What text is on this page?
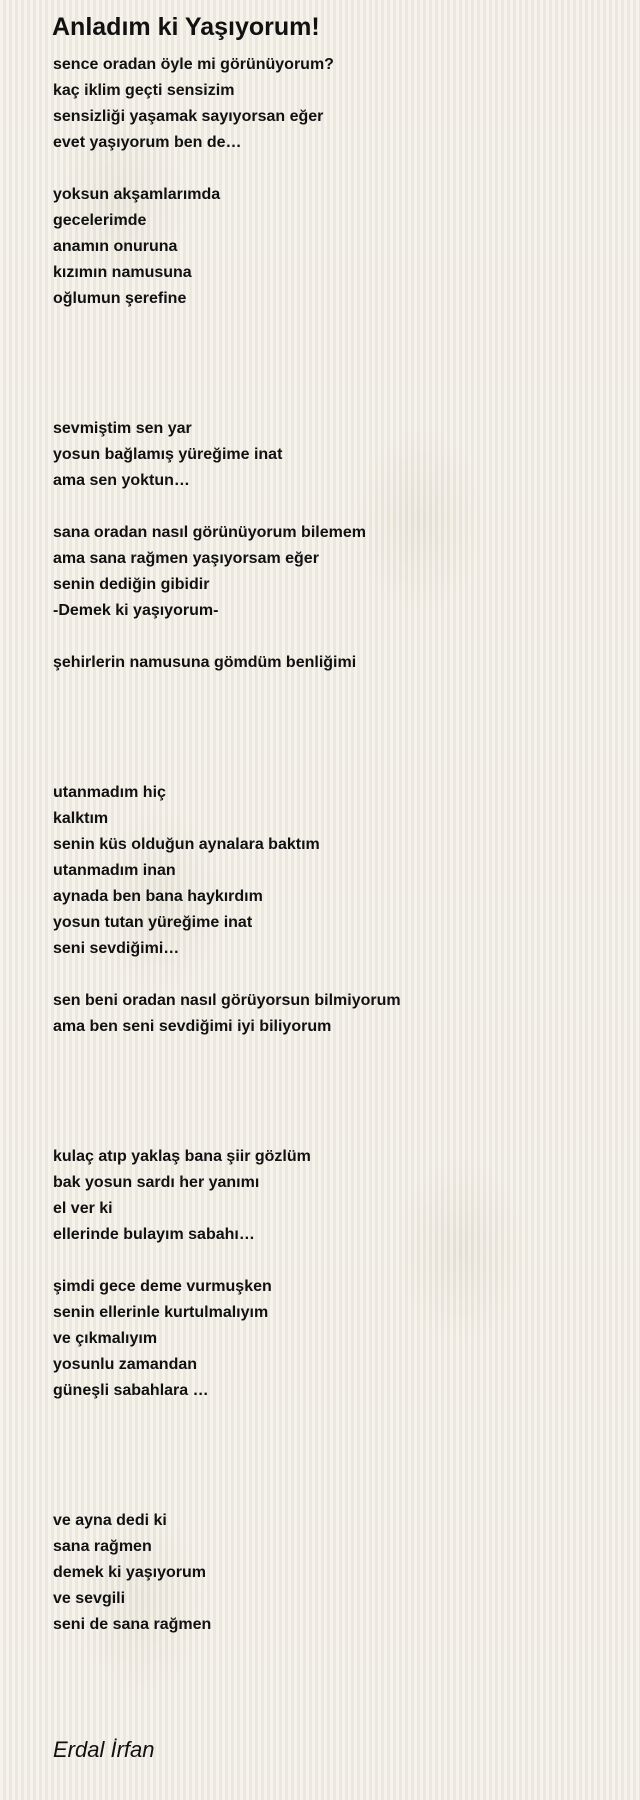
Anladım ki Yaşıyorum!
sence oradan öyle mi görünüyorum?
kaç iklim geçti sensizim
sensizliği yaşamak sayıyorsan eğer
evet yaşıyorum ben de…
yoksun akşamlarımda
gecelerimde
anamın onuruna
kızımın namusuna
oğlumun şerefine
sevmiştim sen yar
yosun bağlamış yüreğime inat
ama sen yoktun…
sana oradan nasıl görünüyorum bilemem
ama sana rağmen yaşıyorsam eğer
senin dediğin gibidir
-Demek ki yaşıyorum-
şehirlerin namusuna gömdüm benliğimi
utanmadım hiç
kalktım
senin küs olduğun aynalara baktım
utanmadım inan
aynada ben bana haykırdım
yosun tutan yüreğime inat
seni sevdiğimi…
sen beni oradan nasıl görüyorsun bilmiyorum
ama ben seni sevdiğimi iyi biliyorum
kulaç atıp yaklaş bana şiir gözlüm
bak yosun sardı her yanımı
el ver ki
ellerinde bulayım sabahı…
şimdi gece deme vurmuşken
senin ellerinle kurtulmalıyım
ve çıkmalıyım
yosunlu zamandan
güneşli sabahlara …
ve ayna dedi ki
sana rağmen
demek ki yaşıyorum
ve sevgili
seni de sana rağmen
Erdal İrfan
